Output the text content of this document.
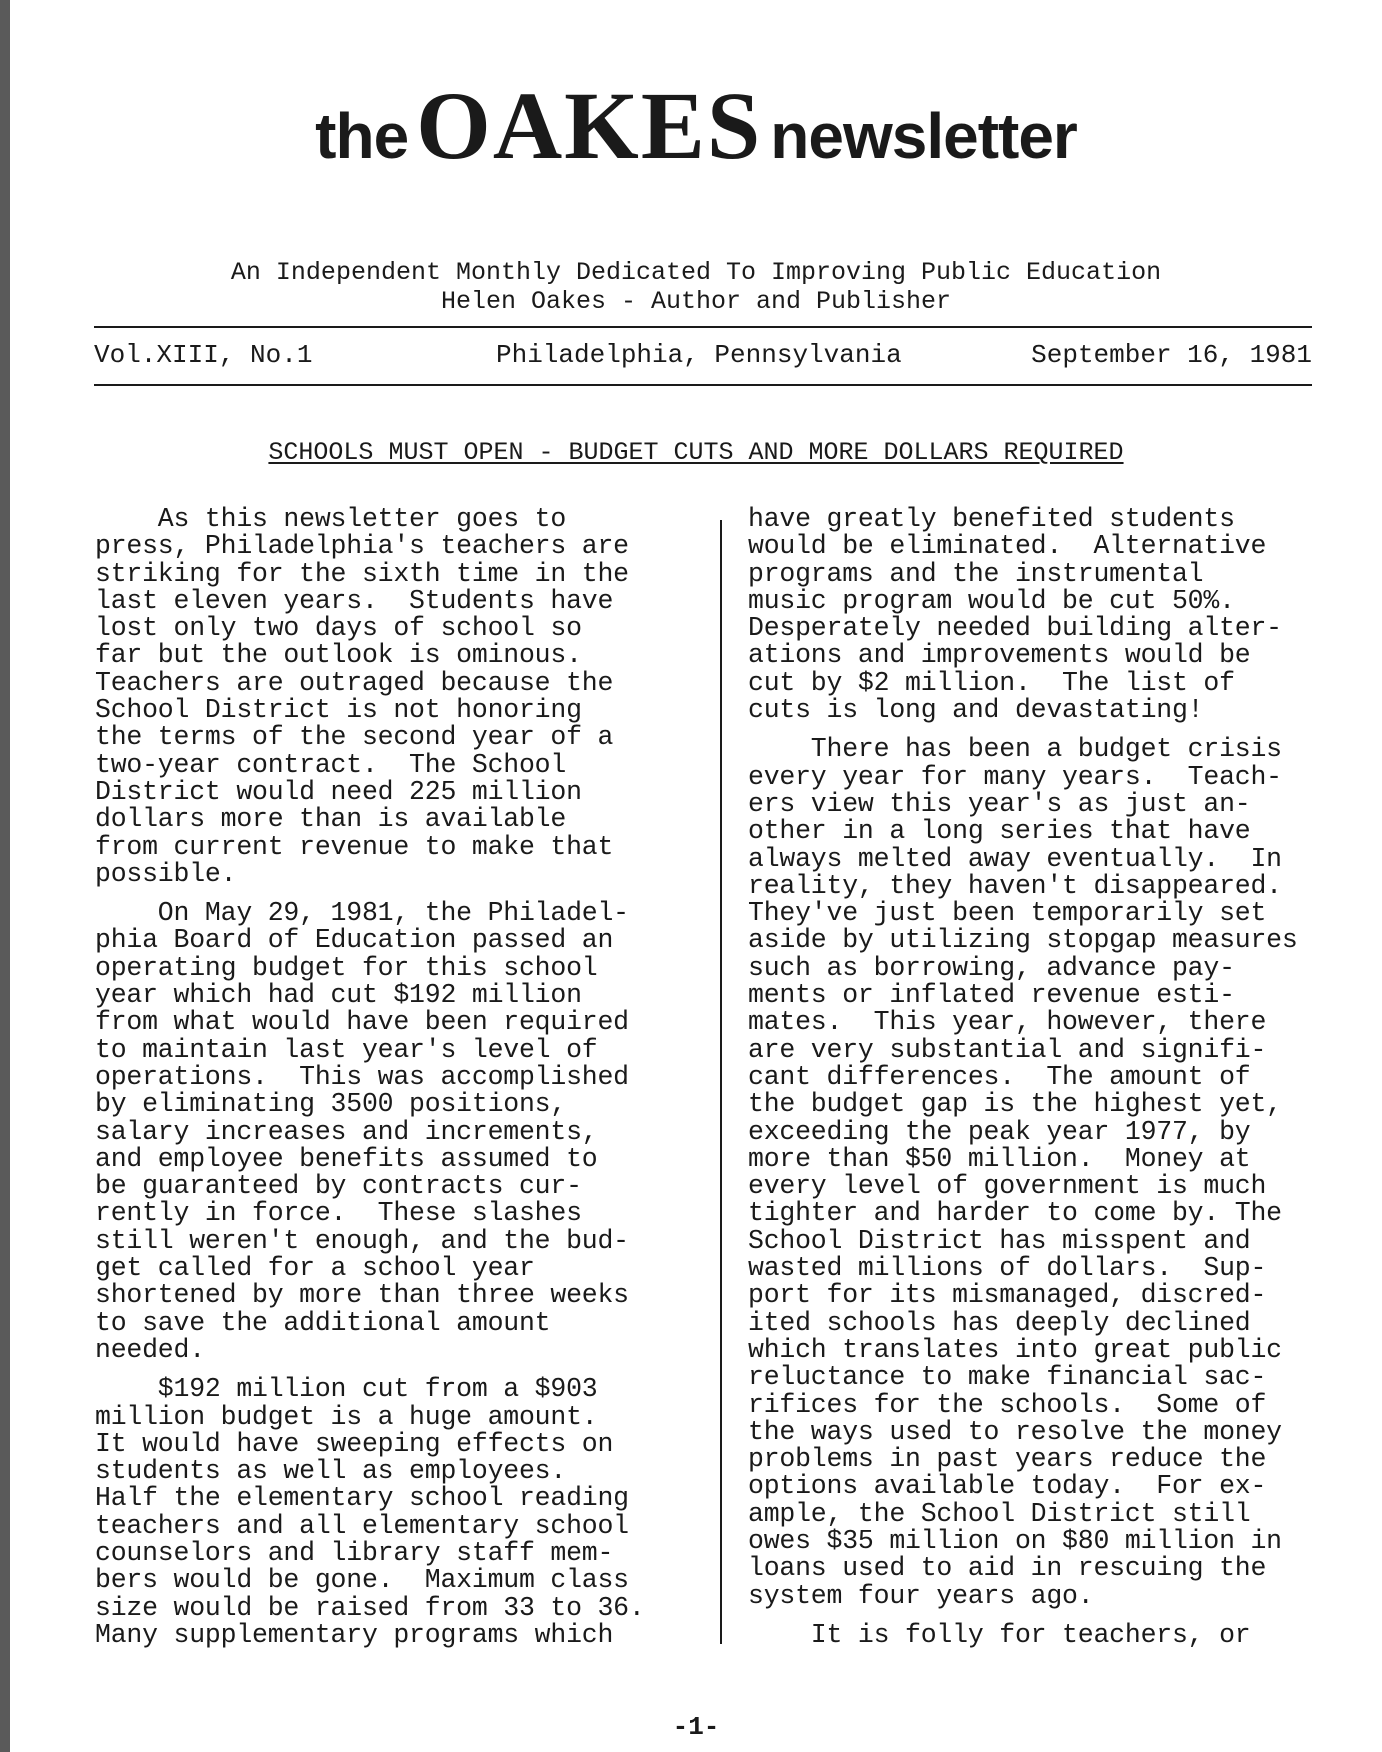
theOAKES newsletter
An Independent Monthly Dedicated To Improving Public Education
Helen Oakes - Author and Publisher
Vol.XIII, No.1	Philadelphia, Pennsylvania	September 16, 1981
SCHOOLS MUST OPEN - BUDGET CUTS AND MORE DOLLARS REQUIRED
As this newsletter goes to
press, Philadelphia's teachers are
striking for the sixth time in the
last eleven years.  Students have
lost only two days of school so
far but the outlook is ominous.
Teachers are outraged because the
School District is not honoring
the terms of the second year of a
two-year contract.  The School
District would need 225 million
dollars more than is available
from current revenue to make that
possible.
On May 29, 1981, the Philadel-
phia Board of Education passed an
operating budget for this school
year which had cut $192 million
from what would have been required
to maintain last year's level of
operations.  This was accomplished
by eliminating 3500 positions,
salary increases and increments,
and employee benefits assumed to
be guaranteed by contracts cur-
rently in force.  These slashes
still weren't enough, and the bud-
get called for a school year
shortened by more than three weeks
to save the additional amount
needed.
$192 million cut from a $903
million budget is a huge amount.
It would have sweeping effects on
students as well as employees.
Half the elementary school reading
teachers and all elementary school
counselors and library staff mem-
bers would be gone.  Maximum class
size would be raised from 33 to 36.
Many supplementary programs which
have greatly benefited students
would be eliminated.  Alternative
programs and the instrumental
music program would be cut 50%.
Desperately needed building alter-
ations and improvements would be
cut by $2 million.  The list of
cuts is long and devastating!
There has been a budget crisis
every year for many years.  Teach-
ers view this year's as just an-
other in a long series that have
always melted away eventually.  In
reality, they haven't disappeared.
They've just been temporarily set
aside by utilizing stopgap measures
such as borrowing, advance pay-
ments or inflated revenue esti-
mates.  This year, however, there
are very substantial and signifi-
cant differences.  The amount of
the budget gap is the highest yet,
exceeding the peak year 1977, by
more than $50 million.  Money at
every level of government is much
tighter and harder to come by. The
School District has misspent and
wasted millions of dollars.  Sup-
port for its mismanaged, discred-
ited schools has deeply declined
which translates into great public
reluctance to make financial sac-
rifices for the schools.  Some of
the ways used to resolve the money
problems in past years reduce the
options available today.  For ex-
ample, the School District still
owes $35 million on $80 million in
loans used to aid in rescuing the
system four years ago.
It is folly for teachers, or
-1-
